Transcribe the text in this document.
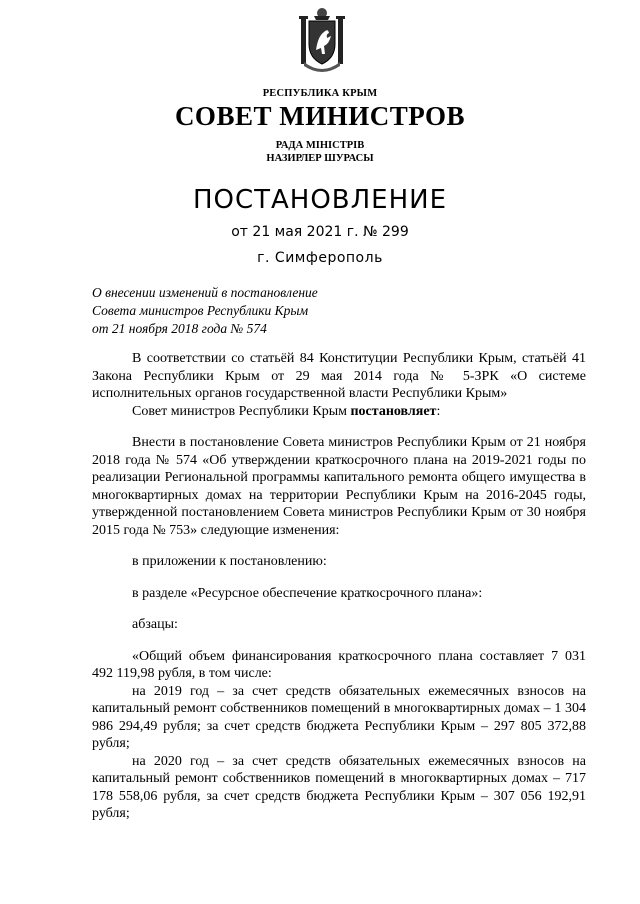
РЕСПУБЛИКА КРЫМ
СОВЕТ МИНИСТРОВ
РАДА МІНІСТРІВ
НАЗИРЛЕР ШУРАСЫ
ПОСТАНОВЛЕНИЕ
от 21 мая 2021 г. № 299
г. Симферополь
О внесении изменений в постановление
Совета министров Республики Крым
от 21 ноября 2018 года № 574

В соответствии со статьёй 84 Конституции Республики Крым, статьёй 41 Закона Республики Крым от 29 мая 2014 года № 5-ЗРК «О системе исполнительных органов государственной власти Республики Крым»

Совет министров Республики Крым постановляет:

Внести в постановление Совета министров Республики Крым от 21 ноября 2018 года № 574 «Об утверждении краткосрочного плана на 2019-2021 годы по реализации Региональной программы капитального ремонта общего имущества в многоквартирных домах на территории Республики Крым на 2016-2045 годы, утвержденной постановлением Совета министров Республики Крым от 30 ноября 2015 года № 753» следующие изменения:

в приложении к постановлению:

в разделе «Ресурсное обеспечение краткосрочного плана»:

абзацы:

«Общий объем финансирования краткосрочного плана составляет 7 031 492 119,98 рубля, в том числе:

на 2019 год – за счет средств обязательных ежемесячных взносов на капитальный ремонт собственников помещений в многоквартирных домах – 1 304 986 294,49 рубля; за счет средств бюджета Республики Крым – 297 805 372,88 рубля;

на 2020 год – за счет средств обязательных ежемесячных взносов на капитальный ремонт собственников помещений в многоквартирных домах – 717 178 558,06 рубля, за счет средств бюджета Республики Крым – 307 056 192,91 рубля;
